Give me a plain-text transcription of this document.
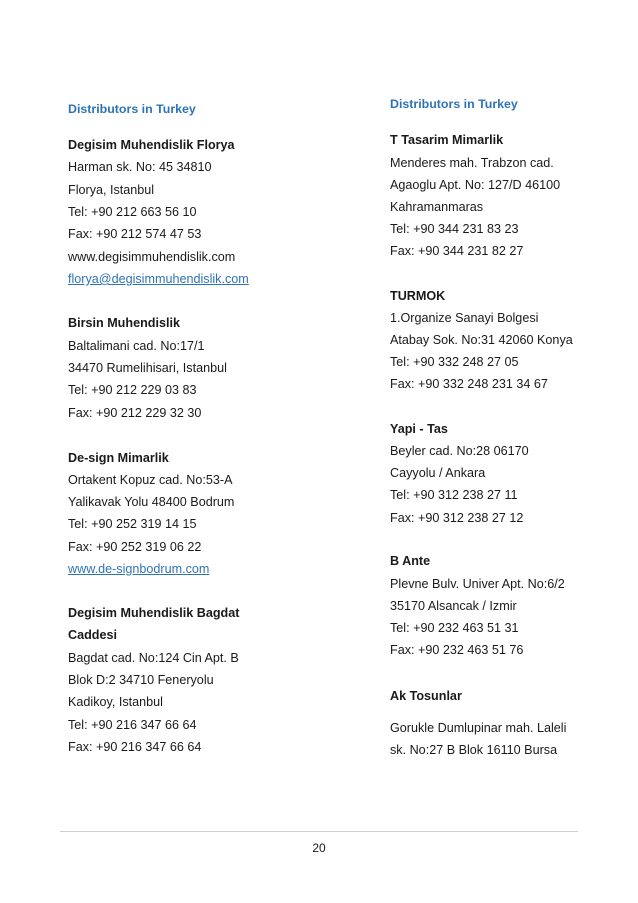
Distributors in Turkey
Degisim Muhendislik Florya
Harman sk. No: 45 34810
Florya, Istanbul
Tel: +90 212 663 56 10
Fax: +90 212 574 47 53
www.degisimmuhendislik.com
florya@degisimmuhendislik.com
Birsin Muhendislik
Baltalimani cad. No:17/1
34470 Rumelihisari, Istanbul
Tel: +90 212 229 03 83
Fax: +90 212 229 32 30
De-sign Mimarlik
Ortakent Kopuz cad. No:53-A
Yalikavak Yolu 48400 Bodrum
Tel: +90 252 319 14 15
Fax: +90 252 319 06 22
www.de-signbodrum.com
Degisim Muhendislik Bagdat
Caddesi
Bagdat cad. No:124 Cin Apt. B
Blok D:2 34710 Feneryolu
Kadikoy, Istanbul
Tel: +90 216 347 66 64
Fax: +90 216 347 66 64
Distributors in Turkey
T Tasarim Mimarlik
Menderes mah. Trabzon cad.
Agaoglu Apt. No: 127/D 46100
Kahramanmaras
Tel: +90 344 231 83 23
Fax: +90 344 231 82 27
TURMOK
1.Organize Sanayi Bolgesi
Atabay Sok. No:31 42060 Konya
Tel: +90 332 248 27 05
Fax: +90 332 248 231 34 67
Yapi - Tas
Beyler cad. No:28 06170
Cayyolu / Ankara
Tel: +90 312 238 27 11
Fax: +90 312 238 27 12
B Ante
Plevne Bulv. Univer Apt. No:6/2
35170 Alsancak / Izmir
Tel: +90 232 463 51 31
Fax: +90 232 463 51 76
Ak Tosunlar
Gorukle Dumlupinar mah. Laleli
sk. No:27 B Blok 16110 Bursa
20
